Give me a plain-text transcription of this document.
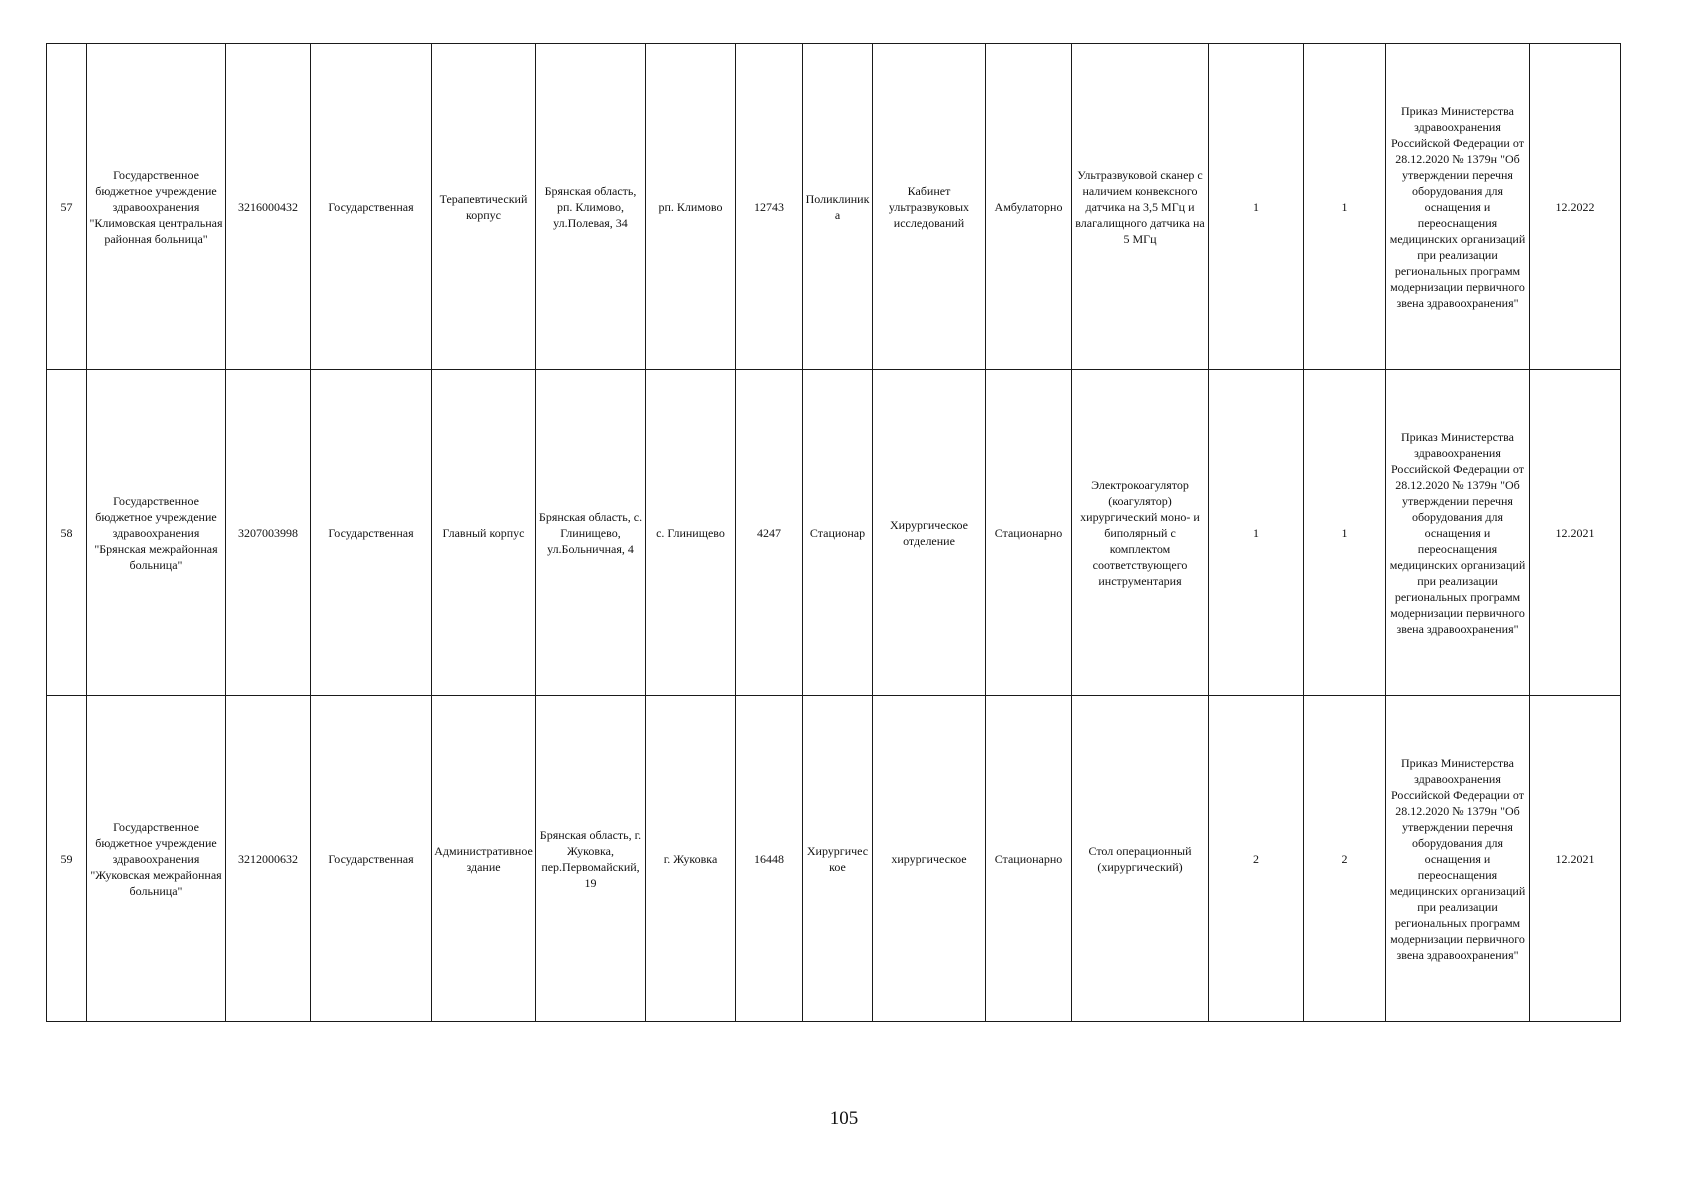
57	Государственное бюджетное учреждение здравоохранения "Климовская центральная районная больница"	3216000432	Государственная	Терапевтический корпус	Брянская область, рп. Климово, ул.Полевая, 34	рп. Климово	12743	Поликлиника	Кабинет ультразвуковых исследований	Амбулаторно	Ультразвуковой сканер с наличием конвексного датчика на 3,5 МГц и влагалищного датчика на 5 МГц	1	1	Приказ Министерства здравоохранения Российской Федерации от 28.12.2020 № 1379н "Об утверждении перечня оборудования для оснащения и переоснащения медицинских организаций при реализации региональных программ модернизации первичного звена здравоохранения"	12.2022
58	Государственное бюджетное учреждение здравоохранения "Брянская межрайонная больница"	3207003998	Государственная	Главный корпус	Брянская область, с. Глинищево, ул.Больничная, 4	с. Глинищево	4247	Стационар	Хирургическое отделение	Стационарно	Электрокоагулятор (коагулятор) хирургический моно- и биполярный с комплектом соответствующего инструментария	1	1	Приказ Министерства здравоохранения Российской Федерации от 28.12.2020 № 1379н "Об утверждении перечня оборудования для оснащения и переоснащения медицинских организаций при реализации региональных программ модернизации первичного звена здравоохранения"	12.2021
59	Государственное бюджетное учреждение здравоохранения "Жуковская межрайонная больница"	3212000632	Государственная	Административное здание	Брянская область, г. Жуковка, пер.Первомайский, 19	г. Жуковка	16448	Хирургическое	хирургическое	Стационарно	Стол операционный (хирургический)	2	2	Приказ Министерства здравоохранения Российской Федерации от 28.12.2020 № 1379н "Об утверждении перечня оборудования для оснащения и переоснащения медицинских организаций при реализации региональных программ модернизации первичного звена здравоохранения"	12.2021
105
